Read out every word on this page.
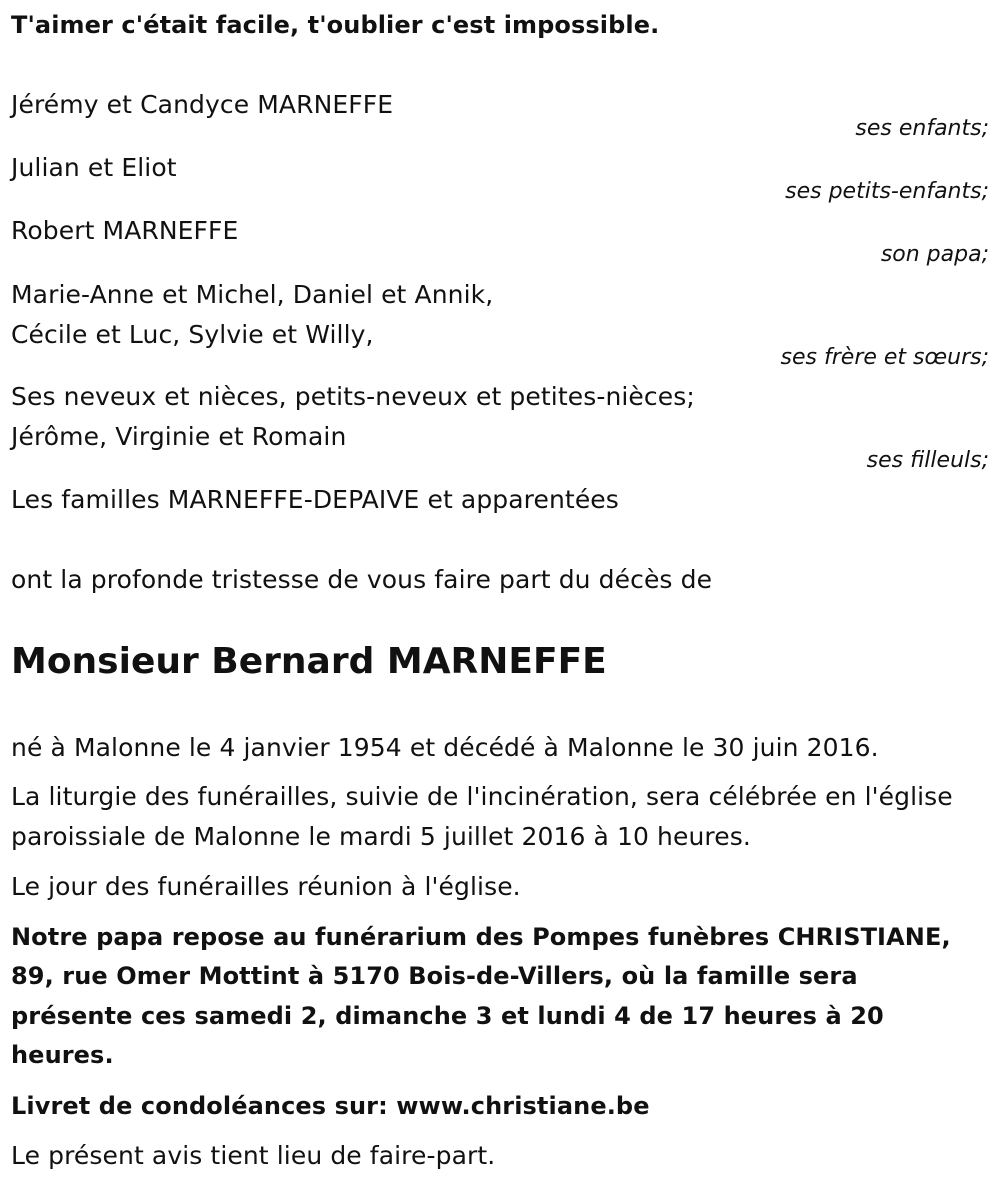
T'aimer c'était facile, t'oublier c'est impossible.
Jérémy et Candyce MARNEFFE
ses enfants;
Julian et Eliot
ses petits-enfants;
Robert MARNEFFE
son papa;
Marie-Anne et Michel, Daniel et Annik,
Cécile et Luc, Sylvie et Willy,
ses frère et sœurs;
Ses neveux et nièces, petits-neveux et petites-nièces;
Jérôme, Virginie et Romain
ses filleuls;
Les familles MARNEFFE-DEPAIVE et apparentées
ont la profonde tristesse de vous faire part du décès de
Monsieur Bernard MARNEFFE
né à Malonne le 4 janvier 1954 et décédé à Malonne le 30 juin 2016.
La liturgie des funérailles, suivie de l'incinération, sera célébrée en l'église
paroissiale de Malonne le mardi 5 juillet 2016 à 10 heures.
Le jour des funérailles réunion à l'église.
Notre papa repose au funérarium des Pompes funèbres CHRISTIANE,
89, rue Omer Mottint à 5170 Bois-de-Villers, où la famille sera
présente ces samedi 2, dimanche 3 et lundi 4 de 17 heures à 20
heures.
Livret de condoléances sur: www.christiane.be
Le présent avis tient lieu de faire-part.
